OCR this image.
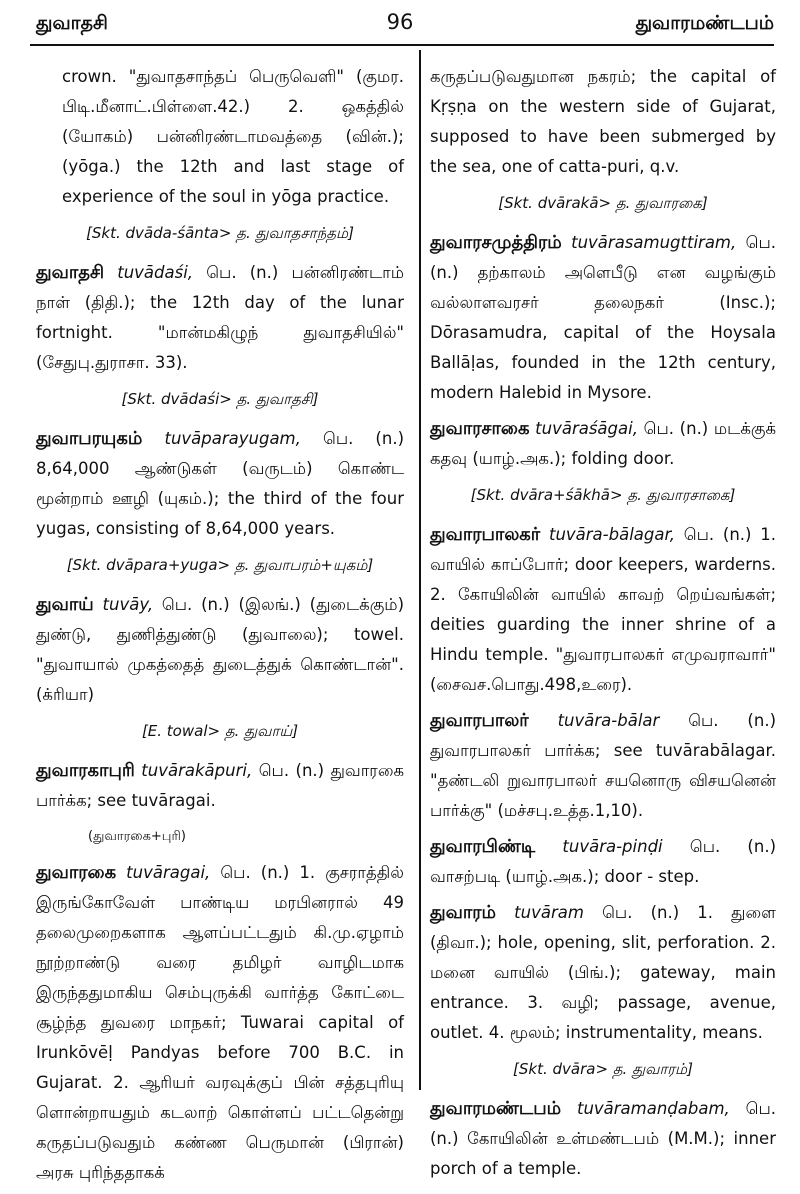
துவாதசி	96	துவாரமண்டபம்
crown. "துவாதசாந்தப் பெருவெளி" (குமர. பிடி.மீனாட்.பிள்ளை.42.) 2. ஒகத்தில் (யோகம்) பன்னிரண்டாமவத்தை (வின்.); (yōga.) the 12th and last stage of experience of the soul in yōga practice.
[Skt. dvāda-śānta> த. துவாதசாந்தம்]
துவாதசி tuvādaśi, பெ. (n.) பன்னிரண்டாம் நாள் (திதி.); the 12th day of the lunar fortnight. "மான்மகிழுந் துவாதசியில்" (சேதுபு.துராசா. 33).
[Skt. dvādaśi> த. துவாதசி]
துவாபரயுகம் tuvāparayugam, பெ. (n.) 8,64,000 ஆண்டுகள் (வருடம்) கொண்ட மூன்றாம் ஊழி (யுகம்.); the third of the four yugas, consisting of 8,64,000 years.
[Skt. dvāpara+yuga> த. துவாபரம்+யுகம்]
துவாய் tuvāy, பெ. (n.) (இலங்.) (துடைக்கும்) துண்டு, துணித்துண்டு (துவாலை); towel. "துவாயால் முகத்தைத் துடைத்துக் கொண்டான்". (க்ரியா)
[E. towal> த. துவாய்]
துவாரகாபுரி tuvārakāpuri, பெ. (n.) துவாரகை பார்க்க; see tuvāragai.
(துவாரகை+புரி)
துவாரகை tuvāragai, பெ. (n.) 1. குசராத்தில் இருங்கோவேள் பாண்டிய மரபினரால் 49 தலைமுறைகளாக ஆளப்பட்டதும் கி.மு.ஏழாம் நூற்றாண்டு வரை தமிழர் வாழிடமாக இருந்ததுமாகிய செம்புருக்கி வார்த்த கோட்டை சூழ்ந்த துவரை மாநகர்; Tuwarai capital of Irunkōvēḷ Pandyas before 700 B.C. in Gujarat. 2. ஆரியர் வரவுக்குப் பின் சத்தபுரியு ளொன்றாயதும் கடலாற் கொள்ளப் பட்டதென்று கருதப்படுவதும் கண்ண பெருமான் (பிரான்) அரசு புரிந்ததாகக்
கருதப்படுவதுமான நகரம்; the capital of Kṛṣṇa on the western side of Gujarat, supposed to have been submerged by the sea, one of catta-puri, q.v.
[Skt. dvārakā> த. துவாரகை]
துவாரசமுத்திரம் tuvārasamugttiram, பெ. (n.) தற்காலம் அளெபீடு என வழங்கும் வல்லாளவரசர் தலைநகர் (Insc.); Dōrasamudra, capital of the Hoysala Ballāḷas, founded in the 12th century, modern Halebid in Mysore.
துவாரசாகை tuvāraśāgai, பெ. (n.) மடக்குக் கதவு (யாழ்.அக.); folding door.
[Skt. dvāra+śākhā> த. துவாரசாகை]
துவாரபாலகர் tuvāra-bālagar, பெ. (n.) 1. வாயில் காப்போர்; door keepers, warderns. 2. கோயிலின் வாயில் காவற் றெய்வங்கள்; deities guarding the inner shrine of a Hindu temple. "துவாரபாலகர் எமுவராவார்" (சைவச.பொது.498,உரை).
துவாரபாலர் tuvāra-bālar பெ. (n.) துவாரபாலகர் பார்க்க; see tuvārabālagar. "தண்டலி றுவாரபாலர் சயனொரு விசயனென் பார்க்கு" (மச்சபு.உத்த.1,10).
துவாரபிண்டி tuvāra-pinḍi பெ. (n.) வாசற்படி (யாழ்.அக.); door - step.
துவாரம் tuvāram பெ. (n.) 1. துளை (திவா.); hole, opening, slit, perforation. 2. மனை வாயில் (பிங்.); gateway, main entrance. 3. வழி; passage, avenue, outlet. 4. மூலம்; instrumentality, means.
[Skt. dvāra> த. துவாரம்]
துவாரமண்டபம் tuvāramanḍabam, பெ. (n.) கோயிலின் உள்மண்டபம் (M.M.); inner porch of a temple.
